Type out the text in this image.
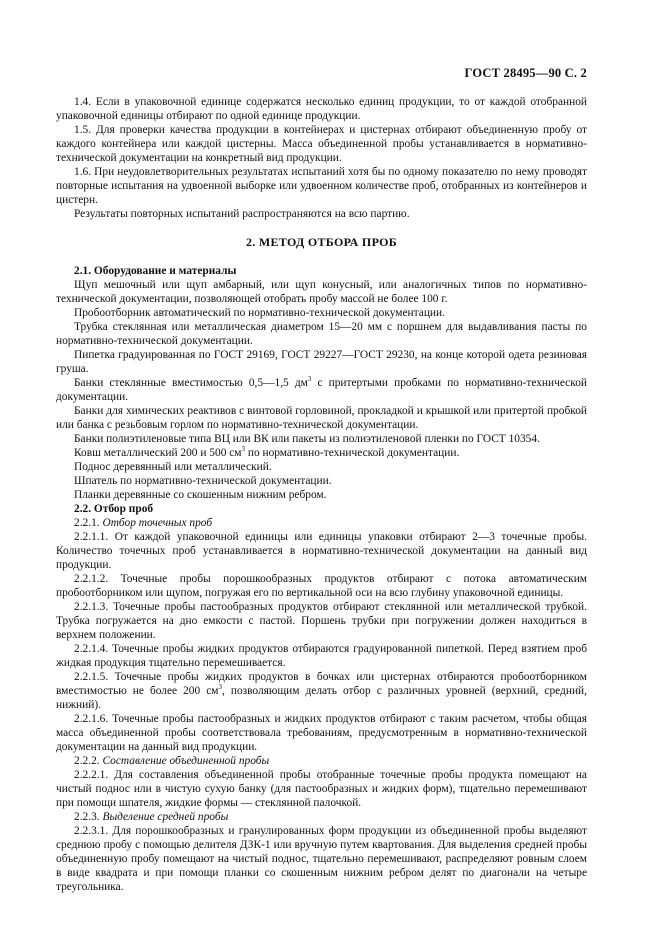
ГОСТ 28495—90 С. 2

1.4. Если в упаковочной единице содержатся несколько единиц продукции, то от каждой отобранной упаковочной единицы отбирают по одной единице продукции.

1.5. Для проверки качества продукции в контейнерах и цистернах отбирают объединенную пробу от каждого контейнера или каждой цистерны. Масса объединенной пробы устанавливается в нормативно-технической документации на конкретный вид продукции.

1.6. При неудовлетворительных результатах испытаний хотя бы по одному показателю по нему проводят повторные испытания на удвоенной выборке или удвоенном количестве проб, отобранных из контейнеров и цистерн.

Результаты повторных испытаний распространяются на всю партию.

2. МЕТОД ОТБОРА ПРОБ

2.1. Оборудование и материалы

Щуп мешочный или щуп амбарный, или щуп конусный, или аналогичных типов по нормативно-технической документации, позволяющей отобрать пробу массой не более 100 г.

Пробоотборник автоматический по нормативно-технической документации.

Трубка стеклянная или металлическая диаметром 15—20 мм с поршнем для выдавливания пасты по нормативно-технической документации.

Пипетка градуированная по ГОСТ 29169, ГОСТ 29227—ГОСТ 29230, на конце которой одета резиновая груша.

Банки стеклянные вместимостью 0,5—1,5 $дм^3$ с притертыми пробками по нормативно-технической документации.

Банки для химических реактивов с винтовой горловиной, прокладкой и крышкой или притертой пробкой или банка с резьбовым горлом по нормативно-технической документации.

Банки полиэтиленовые типа ВЦ или ВК или пакеты из полиэтиленовой пленки по ГОСТ 10354.

Ковш металлический 200 и 500 $см^3$ по нормативно-технической документации.

Поднос деревянный или металлический.

Шпатель по нормативно-технической документации.

Планки деревянные со скошенным нижним ребром.

2.2. Отбор проб

2.2.1. Отбор точечных проб

2.2.1.1. От каждой упаковочной единицы или единицы упаковки отбирают 2—3 точечные пробы. Количество точечных проб устанавливается в нормативно-технической документации на данный вид продукции.

2.2.1.2. Точечные пробы порошкообразных продуктов отбирают с потока автоматическим пробоотборником или щупом, погружая его по вертикальной оси на всю глубину упаковочной единицы.

2.2.1.3. Точечные пробы пастообразных продуктов отбирают стеклянной или металлической трубкой. Трубка погружается на дно емкости с пастой. Поршень трубки при погружении должен находиться в верхнем положении.

2.2.1.4. Точечные пробы жидких продуктов отбираются градуированной пипеткой. Перед взятием проб жидкая продукция тщательно перемешивается.

2.2.1.5. Точечные пробы жидких продуктов в бочках или цистернах отбираются пробоотборником вместимостью не более 200 $см^3$, позволяющим делать отбор с различных уровней (верхний, средний, нижний).

2.2.1.6. Точечные пробы пастообразных и жидких продуктов отбирают с таким расчетом, чтобы общая масса объединенной пробы соответствовала требованиям, предусмотренным в нормативно-технической документации на данный вид продукции.

2.2.2. Составление объединенной пробы

2.2.2.1. Для составления объединенной пробы отобранные точечные пробы продукта помещают на чистый поднос или в чистую сухую банку (для пастообразных и жидких форм), тщательно перемешивают при помощи шпателя, жидкие формы — стеклянной палочкой.

2.2.3. Выделение средней пробы

2.2.3.1. Для порошкообразных и гранулированных форм продукции из объединенной пробы выделяют среднюю пробу с помощью делителя ДЗК-1 или вручную путем квартования. Для выделения средней пробы объединенную пробу помещают на чистый поднос, тщательно перемешивают, распределяют ровным слоем в виде квадрата и при помощи планки со скошенным нижним ребром делят по диагонали на четыре треугольника.
